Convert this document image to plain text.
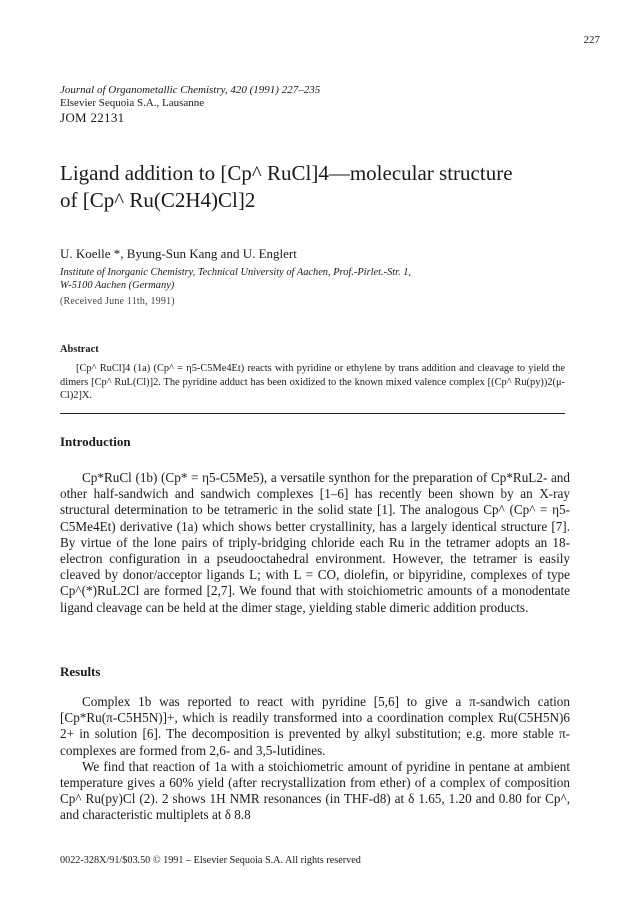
227
Journal of Organometallic Chemistry, 420 (1991) 227–235
Elsevier Sequoia S.A., Lausanne
JOM 22131
Ligand addition to [Cp^ RuCl]4—molecular structure
of [Cp^ Ru(C2H4)Cl]2
U. Koelle *, Byung-Sun Kang and U. Englert
Institute of Inorganic Chemistry, Technical University of Aachen, Prof.-Pirlet.-Str. 1,
W-5100 Aachen (Germany)
(Received June 11th, 1991)
Abstract
[Cp^ RuCl]4 (1a) (Cp^ = η5-C5Me4Et) reacts with pyridine or ethylene by trans addition and cleavage to yield the dimers [Cp^ RuL(Cl)]2. The pyridine adduct has been oxidized to the known mixed valence complex [(Cp^ Ru(py))2(μ-Cl)2]X.
Introduction

Cp*RuCl (1b) (Cp* = η5-C5Me5), a versatile synthon for the preparation of Cp*RuL2- and other half-sandwich and sandwich complexes [1–6] has recently been shown by an X-ray structural determination to be tetrameric in the solid state [1]. The analogous Cp^ (Cp^ = η5-C5Me4Et) derivative (1a) which shows better crystallinity, has a largely identical structure [7]. By virtue of the lone pairs of triply-bridging chloride each Ru in the tetramer adopts an 18-electron configuration in a pseudooctahedral environment. However, the tetramer is easily cleaved by donor/acceptor ligands L; with L = CO, diolefin, or bipyridine, complexes of type Cp^(*)RuL2Cl are formed [2,7]. We found that with stoichiometric amounts of a monodentate ligand cleavage can be held at the dimer stage, yielding stable dimeric addition products.

Results

Complex 1b was reported to react with pyridine [5,6] to give a π-sandwich cation [Cp*Ru(π-C5H5N)]+, which is readily transformed into a coordination complex Ru(C5H5N)6 2+ in solution [6]. The decomposition is prevented by alkyl substitution; e.g. more stable π-complexes are formed from 2,6- and 3,5-lutidines.

We find that reaction of 1a with a stoichiometric amount of pyridine in pentane at ambient temperature gives a 60% yield (after recrystallization from ether) of a complex of composition Cp^ Ru(py)Cl (2). 2 shows 1H NMR resonances (in THF-d8) at δ 1.65, 1.20 and 0.80 for Cp^, and characteristic multiplets at δ 8.8

0022-328X/91/$03.50 © 1991 – Elsevier Sequoia S.A. All rights reserved
